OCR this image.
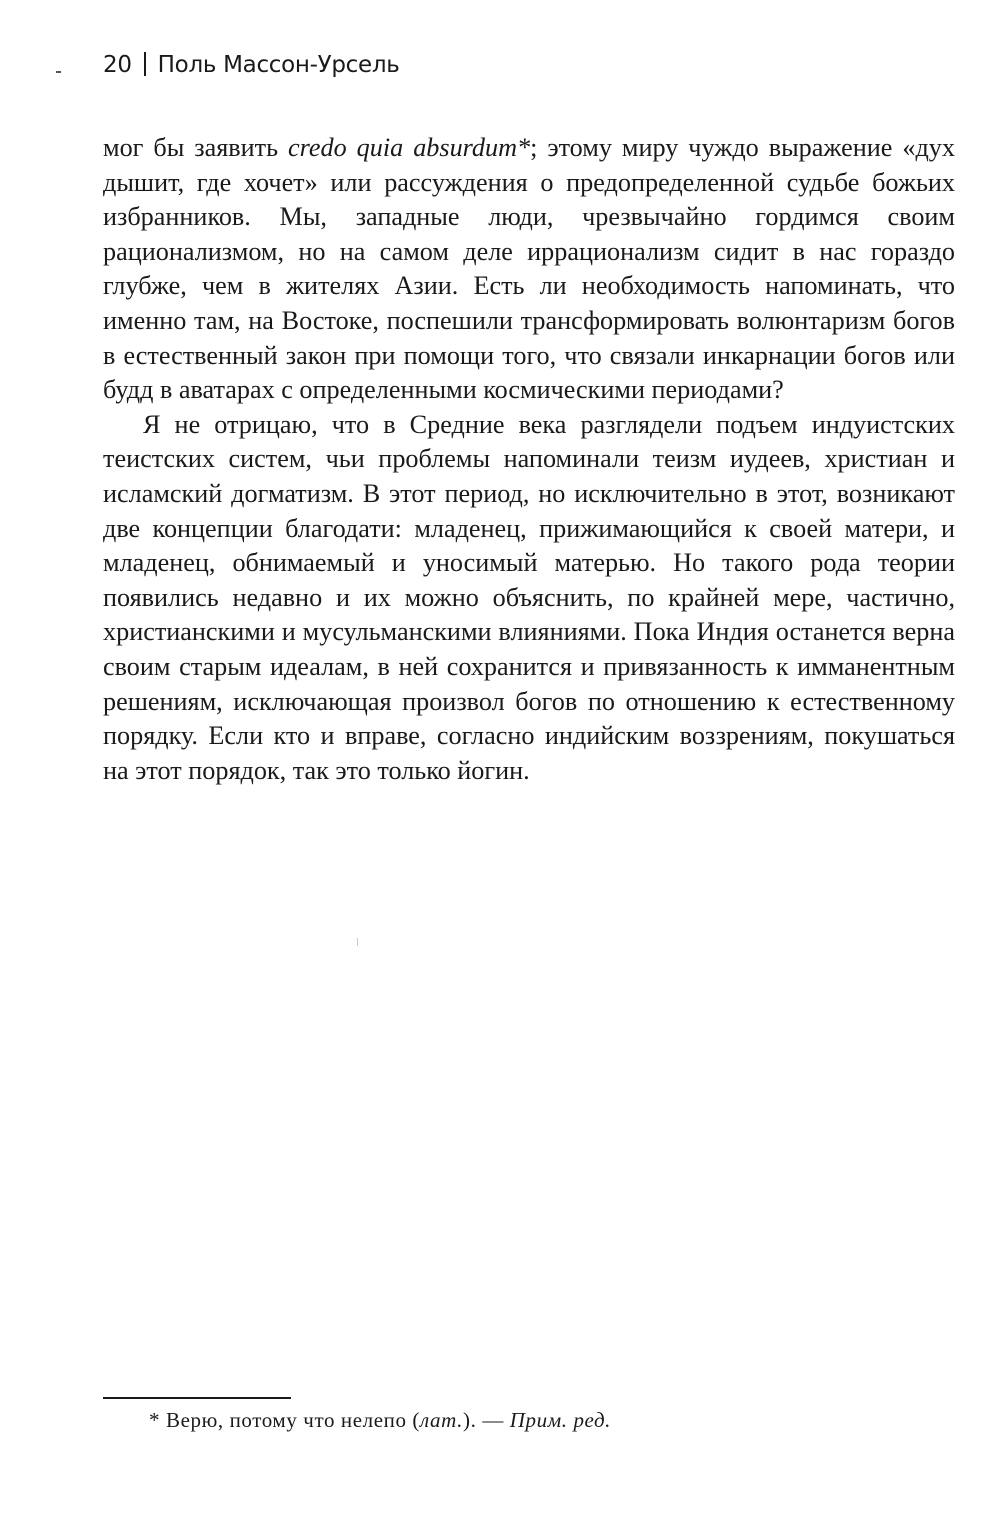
20 Поль Массон-Урсель

мог бы заявить credo quia absurdum*; этому миру чуждо выражение «дух дышит, где хочет» или рассуждения о предопределенной судьбе божьих избранников. Мы, западные люди, чрезвычайно гордимся своим рационализмом, но на самом деле иррационализм сидит в нас гораздо глубже, чем в жителях Азии. Есть ли необходимость напоминать, что именно там, на Востоке, поспешили трансформировать волюнтаризм богов в естественный закон при помощи того, что связали инкарнации богов или будд в аватарах с определенными космическими периодами?

Я не отрицаю, что в Средние века разглядели подъем индуистских теистских систем, чьи проблемы напоминали теизм иудеев, христиан и исламский догматизм. В этот период, но исключительно в этот, возникают две концепции благодати: младенец, прижимающийся к своей матери, и младенец, обнимаемый и уносимый матерью. Но такого рода теории появились недавно и их можно объяснить, по крайней мере, частично, христианскими и мусульманскими влияниями. Пока Индия останется верна своим старым идеалам, в ней сохранится и привязанность к имманентным решениям, исключающая произвол богов по отношению к естественному порядку. Если кто и вправе, согласно индийским воззрениям, покушаться на этот порядок, так это только йогин.

* Верю, потому что нелепо (лат.). — Прим. ред.
